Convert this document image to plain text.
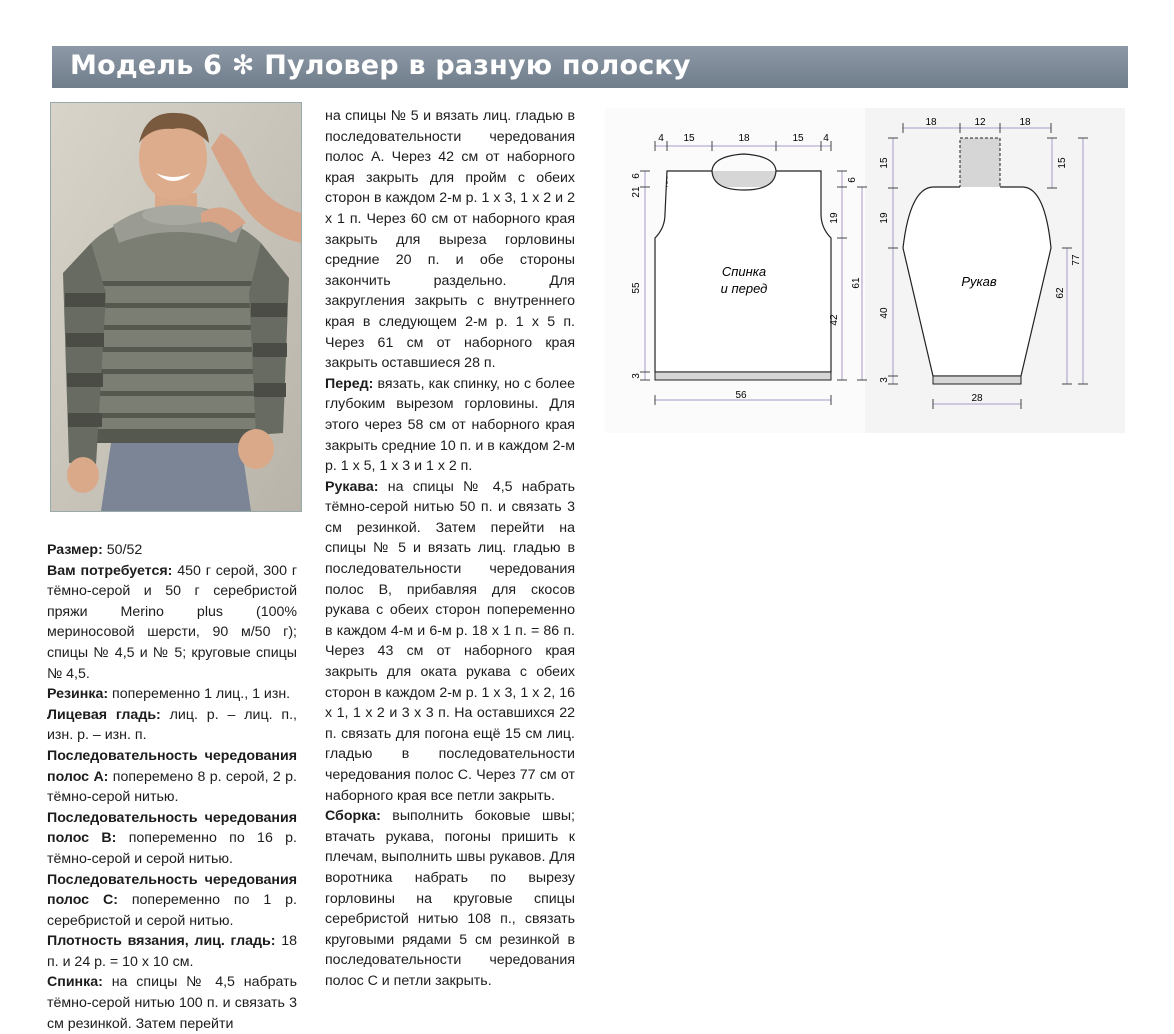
Модель 6 ✻ Пуловер в разную полоску

Размер: 50/52

Вам потребуется: 450 г серой, 300 г тёмно-серой и 50 г серебристой пряжи Merino plus (100% мериносовой шерсти, 90 м/50 г); спицы № 4,5 и № 5; круговые спицы № 4,5.

Резинка: попеременно 1 лиц., 1 изн.

Лицевая гладь: лиц. р. – лиц. п., изн. р. – изн. п.

Последовательность чередования полос А: поперемено 8 р. серой, 2 р. тёмно-серой нитью.

Последовательность чередования полос В: попеременно по 16 р. тёмно-серой и серой нитью.

Последовательность чередования полос С: попеременно по 1 р. серебристой и серой нитью.

Плотность вязания, лиц. гладь: 18 п. и 24 р. = 10 х 10 см.

Спинка: на спицы № 4,5 набрать тёмно-серой нитью 100 п. и связать 3 см резинкой. Затем перейти

на спицы № 5 и вязать лиц. гладью в последовательности чередования полос А. Через 42 см от наборного края закрыть для пройм с обеих сторон в каждом 2-м р. 1 х 3, 1 х 2 и 2 х 1 п. Через 60 см от наборного края закрыть для выреза горловины средние 20 п. и обе стороны закончить раздельно. Для закругления закрыть с внутреннего края в следующем 2-м р. 1 х 5 п. Через 61 см от наборного края закрыть оставшиеся 28 п.

Перед: вязать, как спинку, но с более глубоким вырезом горловины. Для этого через 58 см от наборного края закрыть средние 10 п. и в каждом 2-м р. 1 х 5, 1 х 3 и 1 х 2 п.

Рукава: на спицы № 4,5 набрать тёмно-серой нитью 50 п. и связать 3 см резинкой. Затем перейти на спицы № 5 и вязать лиц. гладью в последовательности чередования полос В, прибавляя для скосов рукава с обеих сторон попеременно в каждом 4-м и 6-м р. 18 х 1 п. = 86 п. Через 43 см от наборного края закрыть для оката рукава с обеих сторон в каждом 2-м р. 1 х 3, 1 х 2, 16 х 1, 1 х 2 и 3 х 3 п. На оставшихся 22 п. связать для погона ещё 15 см лиц. гладью в последовательности чередования полос С. Через 77 см от наборного края все петли закрыть.

Сборка: выполнить боковые швы; втачать рукава, погоны пришить к плечам, выполнить швы рукавов. Для воротника набрать по вырезу горловины на круговые спицы серебристой нитью 108 п., связать круговыми рядами 5 см резинкой в последовательности чередования полос С и петли закрыть.

Спинка
и перед
4 15	18	15 4
21
6
55
3
6
19
61
42
56
Рукав
18	12	18
15
19
40
3
15
77
62
28
